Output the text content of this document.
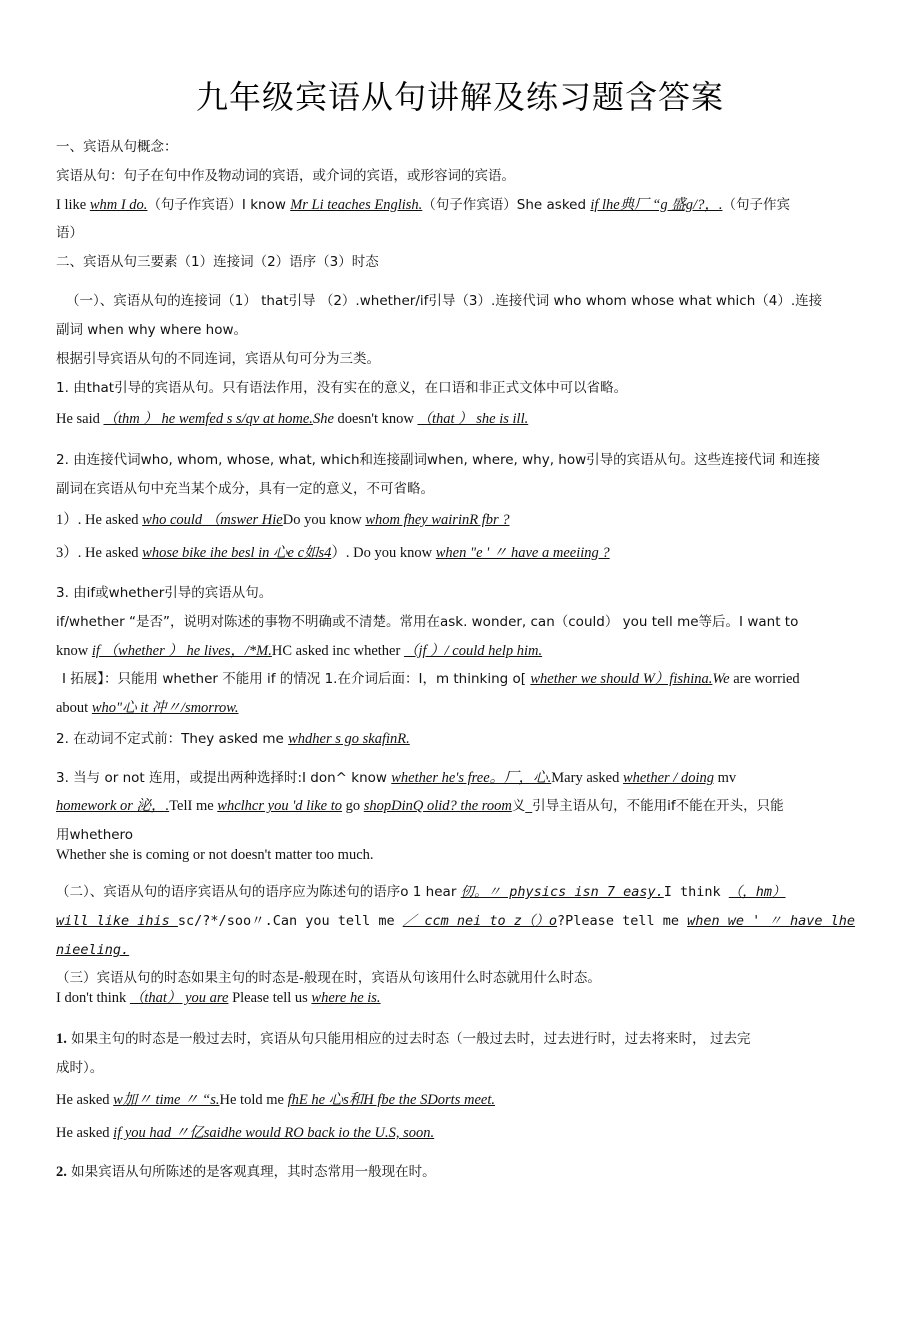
九年级宾语从句讲解及练习题含答案
一、宾语从句概念：
宾语从句：句子在句中作及物动词的宾语，或介词的宾语，或形容词的宾语。
I like whm I do.（句子作宾语）I know Mr Li teaches English.（句子作宾语）She asked if lhe典厂 “g 盛g/?，.（句子作宾
语）
二、宾语从句三要素（1）连接词（2）语序（3）时态
（一）、宾语从句的连接词（1） that引导 （2）.whether/if引导（3）.连接代词 who whom whose what which（4）.连接
副词 when why where how。
根据引导宾语从句的不同连词，宾语从句可分为三类。
1. 由that引导的宾语从句。只有语法作用，没有实在的意义，在口语和非正式文体中可以省略。
He said （thm ） he wemfed s s/qv at home.She doesn't know （that ） she is ill.
2. 由连接代词who, whom, whose, what, which和连接副词when, where, why, how引导的宾语从句。这些连接代词 和连接
副词在宾语从句中充当某个成分，具有一定的意义，不可省略。
1）. He asked who could （mswer HieDo you know whom fhey wairinR fbr ?
3）. He asked whose bike ihe besl in 心e c如s4）. Do you know when "e ' 〃 have a meeiing ?
3. 由if或whether引导的宾语从句。
if/whether “是否”，说明对陈述的事物不明确或不清楚。常用在ask. wonder, can（could） you tell me等后。I want to
know if （whether ） he lives，/*M.HC asked inc whether （jf ）/ could help him.
I 拓展】：只能用 whether 不能用 if 的情况 1.在介词后面：I，m thinking o[ whether we should W）fishina.We are worried
about who"心 it 冲〃/smorrow.
2. 在动词不定式前：They asked me whdher s go skafinR.
3. 当与 or not 连用，或提出两种选择时:I don^ know whether he's free。厂，心.Mary asked whether / doing mv
homework or 泌，.TelI me whclhcr you 'd like to go shopDinQ olid? the room义_引导主语从句，不能用if不能在开头，只能
用whethero
Whether she is coming or not doesn't matter too much.
（二）、宾语从句的语序宾语从句的语序应为陈述句的语序o 1 hear 仞。〃 physics isn 7 easy.I think （，hm）
will like ihis sc/?*/soo〃.Can you tell me ／ ccm nei to z（）o?Please tell me when we ' 〃 have lhe
nieeling.
（三）宾语从句的时态如果主句的时态是-般现在时，宾语从句该用什么时态就用什么时态。
I don't think （that） you are Please tell us where he is.
1. 如果主句的时态是一般过去时，宾语从句只能用相应的过去时态（一般过去时，过去进行时，过去将来时， 过去完
成时）。
He asked w加〃 time 〃 “s.He told me fhE he 心s和H fbe the SDorts meet.
He asked if you had 〃亿saidhe would RO back io the U.S, soon.
2. 如果宾语从句所陈述的是客观真理，其时态常用一般现在时。
